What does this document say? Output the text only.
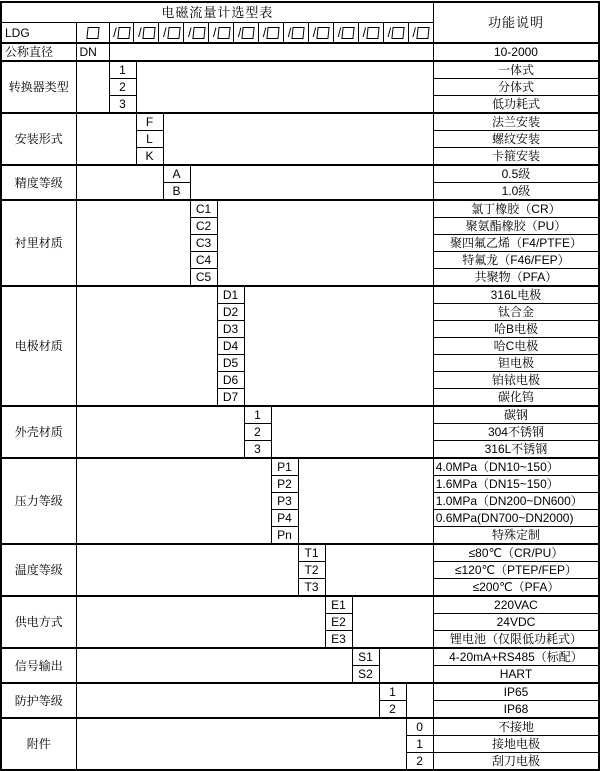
电磁流量计选型表														功能说明
LDG		/	/	/	/	/	/	/	/	/	/	/	/	/

公称直径	DN													10-2000
转换器类型		1												一体式
		2												分体式
		3												低功耗式
安装形式			F											法兰安装
			L											螺纹安装
			K											卡箍安装
精度等级				A										0.5级
				B										1.0级
衬里材质					C1									氯丁橡胶（CR）
					C2									聚氨酯橡胶（PU）
					C3									聚四氟乙烯（F4/PTFE）
					C4									特氟龙（F46/FEP）
					C5									共聚物（PFA）
电极材质						D1								316L电极
						D2								钛合金
						D3								哈B电极
						D4								哈C电极
						D5								钽电极
						D6								铂铱电极
						D7								碳化钨
外壳材质							1							碳钢
							2							304不锈钢
							3							316L不锈钢
压力等级								P1						4.0MPa（DN10~150）
								P2						1.6MPa（DN15~150）
								P3						1.0MPa（DN200~DN600）
								P4						0.6MPa(DN700~DN2000)
								Pn						特殊定制
温度等级									T1					≤80℃（CR/PU）
									T2					≤120℃（PTEP/FEP）
									T3					≤200℃（PFA）
供电方式										E1				220VAC
										E2				24VDC
										E3				锂电池（仅限低功耗式）
信号输出											S1			4-20mA+RS485（标配）
											S2			HART
防护等级												1		IP65
												2		IP68
附件													0	不接地
													1	接地电极
													2	刮刀电极
